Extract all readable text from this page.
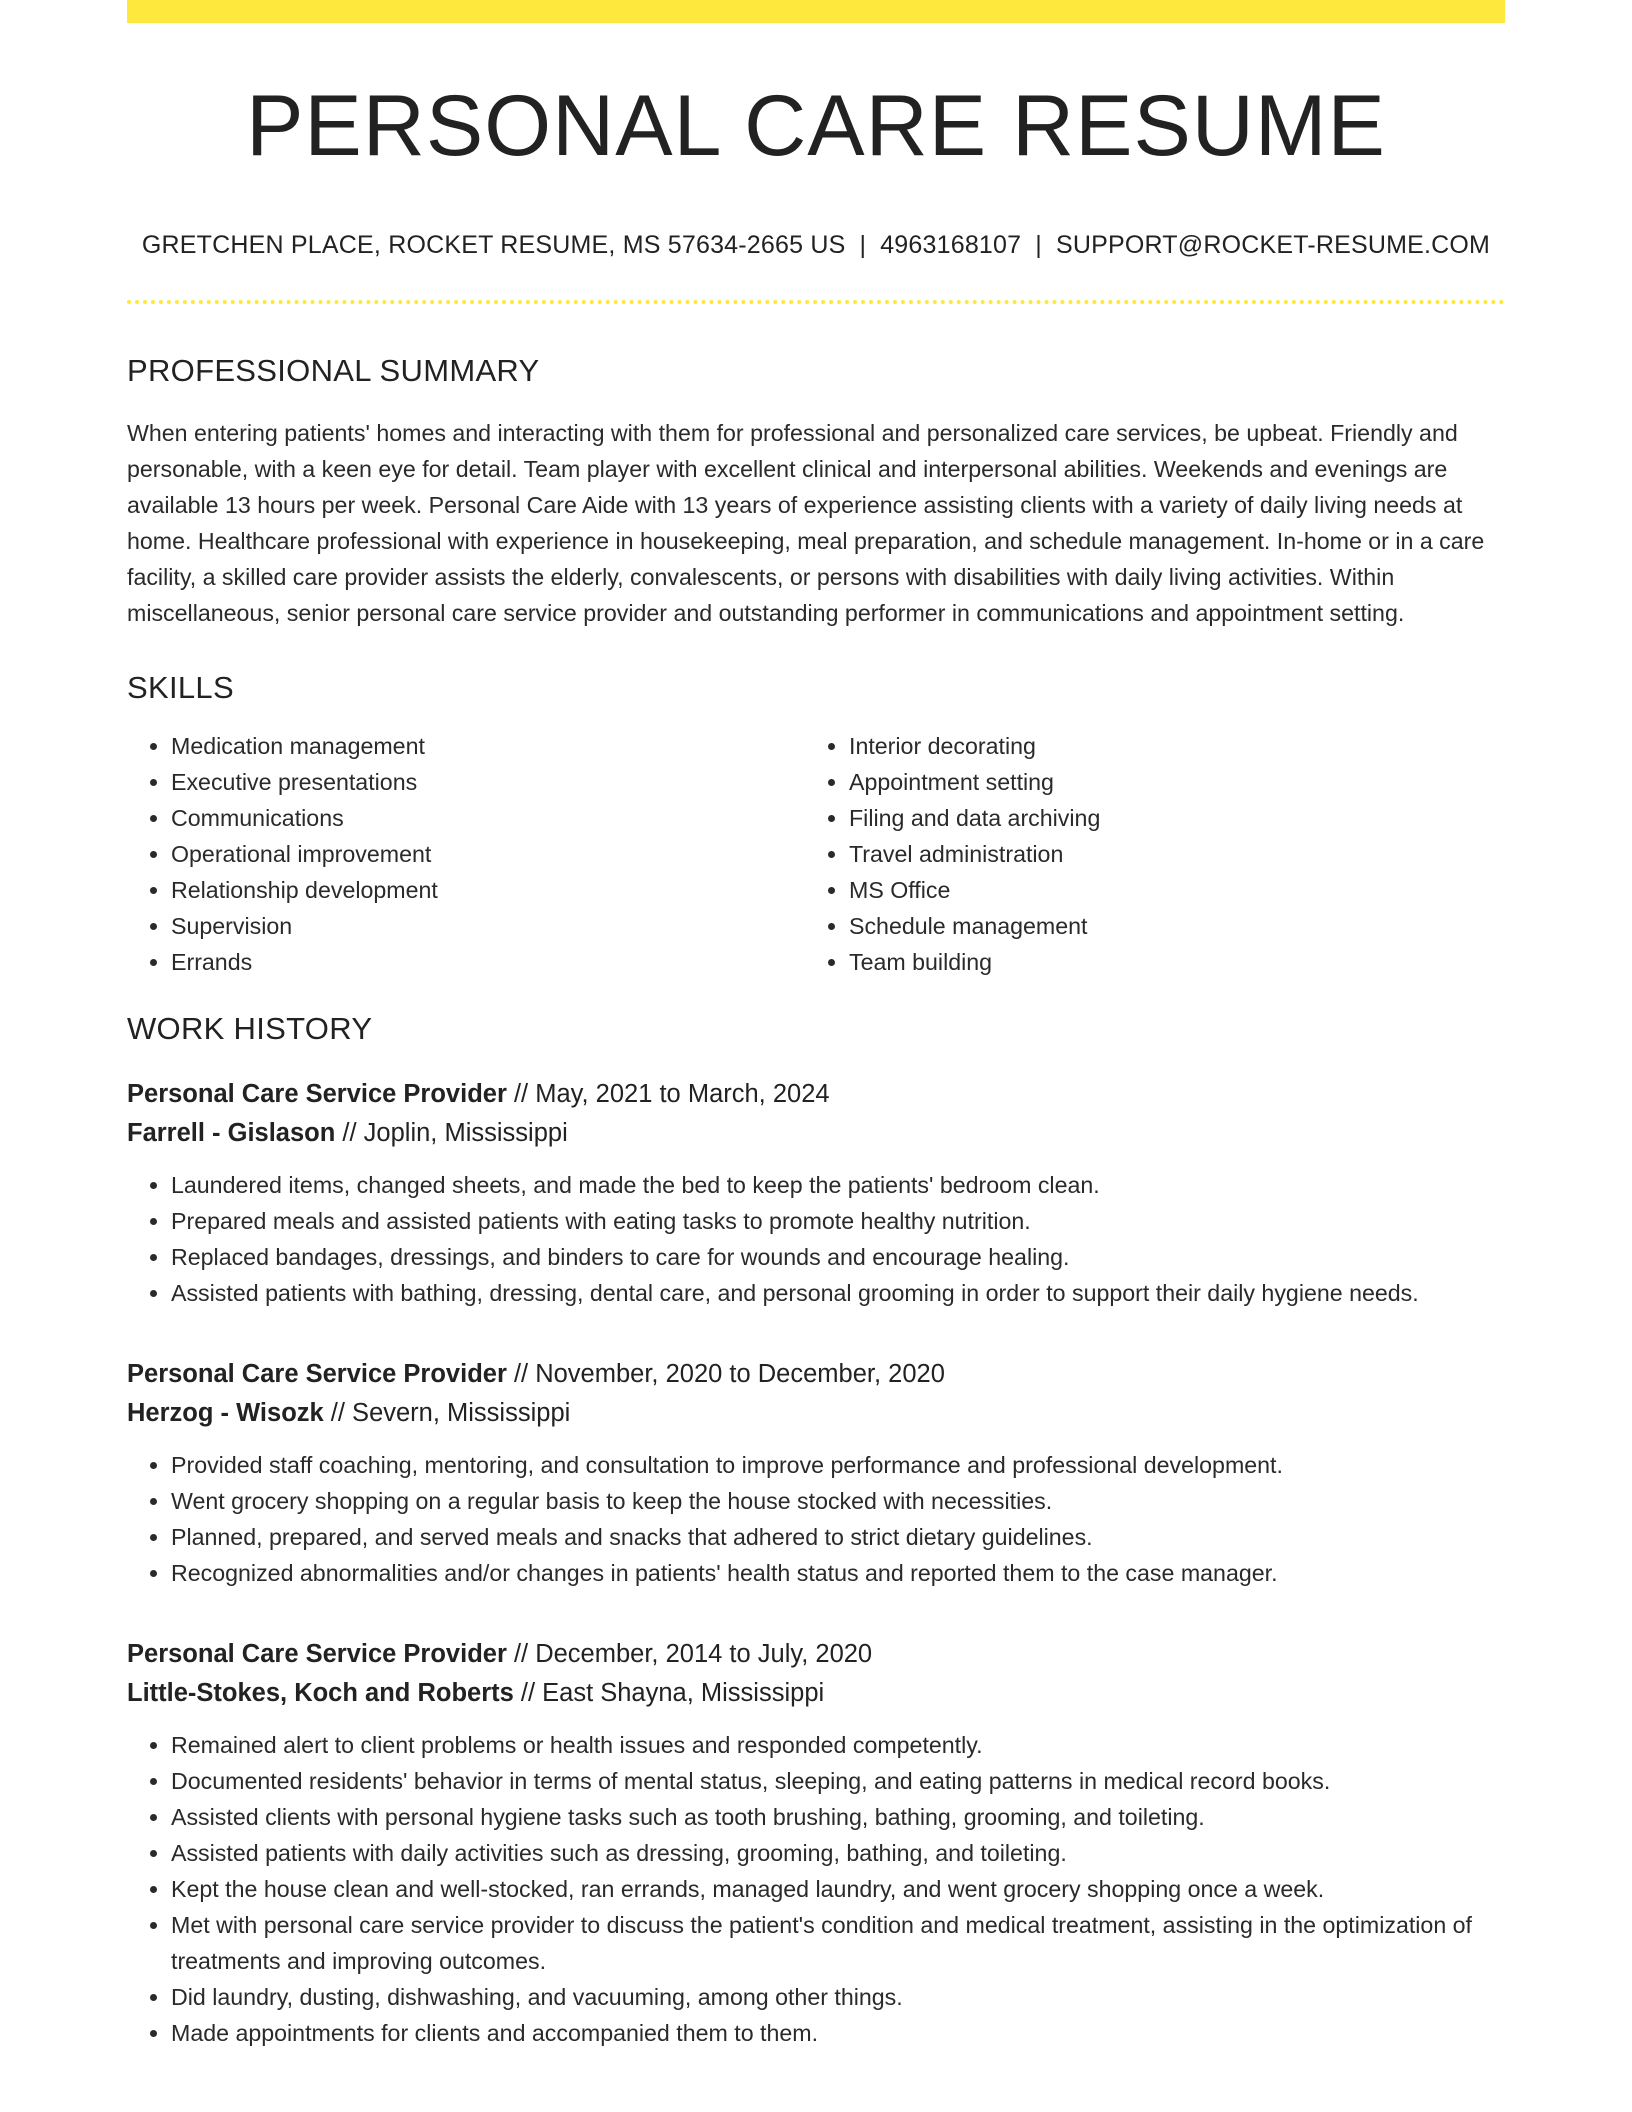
PERSONAL CARE RESUME
GRETCHEN PLACE, ROCKET RESUME, MS 57634-2665 US | 4963168107 | SUPPORT@ROCKET-RESUME.COM
PROFESSIONAL SUMMARY

When entering patients' homes and interacting with them for professional and personalized care services, be upbeat. Friendly and personable, with a keen eye for detail. Team player with excellent clinical and interpersonal abilities. Weekends and evenings are available 13 hours per week. Personal Care Aide with 13 years of experience assisting clients with a variety of daily living needs at home. Healthcare professional with experience in housekeeping, meal preparation, and schedule management. In-home or in a care facility, a skilled care provider assists the elderly, convalescents, or persons with disabilities with daily living activities. Within miscellaneous, senior personal care service provider and outstanding performer in communications and appointment setting.

SKILLS
• Medication management
• Executive presentations
• Communications
• Operational improvement
• Relationship development
• Supervision
• Errands
• Interior decorating
• Appointment setting
• Filing and data archiving
• Travel administration
• MS Office
• Schedule management
• Team building
WORK HISTORY
Personal Care Service Provider // May, 2021 to March, 2024
Farrell - Gislason // Joplin, Mississippi
• Laundered items, changed sheets, and made the bed to keep the patients' bedroom clean.
• Prepared meals and assisted patients with eating tasks to promote healthy nutrition.
• Replaced bandages, dressings, and binders to care for wounds and encourage healing.
• Assisted patients with bathing, dressing, dental care, and personal grooming in order to support their daily hygiene needs.
Personal Care Service Provider // November, 2020 to December, 2020
Herzog - Wisozk // Severn, Mississippi
• Provided staff coaching, mentoring, and consultation to improve performance and professional development.
• Went grocery shopping on a regular basis to keep the house stocked with necessities.
• Planned, prepared, and served meals and snacks that adhered to strict dietary guidelines.
• Recognized abnormalities and/or changes in patients' health status and reported them to the case manager.
Personal Care Service Provider // December, 2014 to July, 2020
Little-Stokes, Koch and Roberts // East Shayna, Mississippi
• Remained alert to client problems or health issues and responded competently.
• Documented residents' behavior in terms of mental status, sleeping, and eating patterns in medical record books.
• Assisted clients with personal hygiene tasks such as tooth brushing, bathing, grooming, and toileting.
• Assisted patients with daily activities such as dressing, grooming, bathing, and toileting.
• Kept the house clean and well-stocked, ran errands, managed laundry, and went grocery shopping once a week.
• Met with personal care service provider to discuss the patient's condition and medical treatment, assisting in the optimization of treatments and improving outcomes.
• Did laundry, dusting, dishwashing, and vacuuming, among other things.
• Made appointments for clients and accompanied them to them.
